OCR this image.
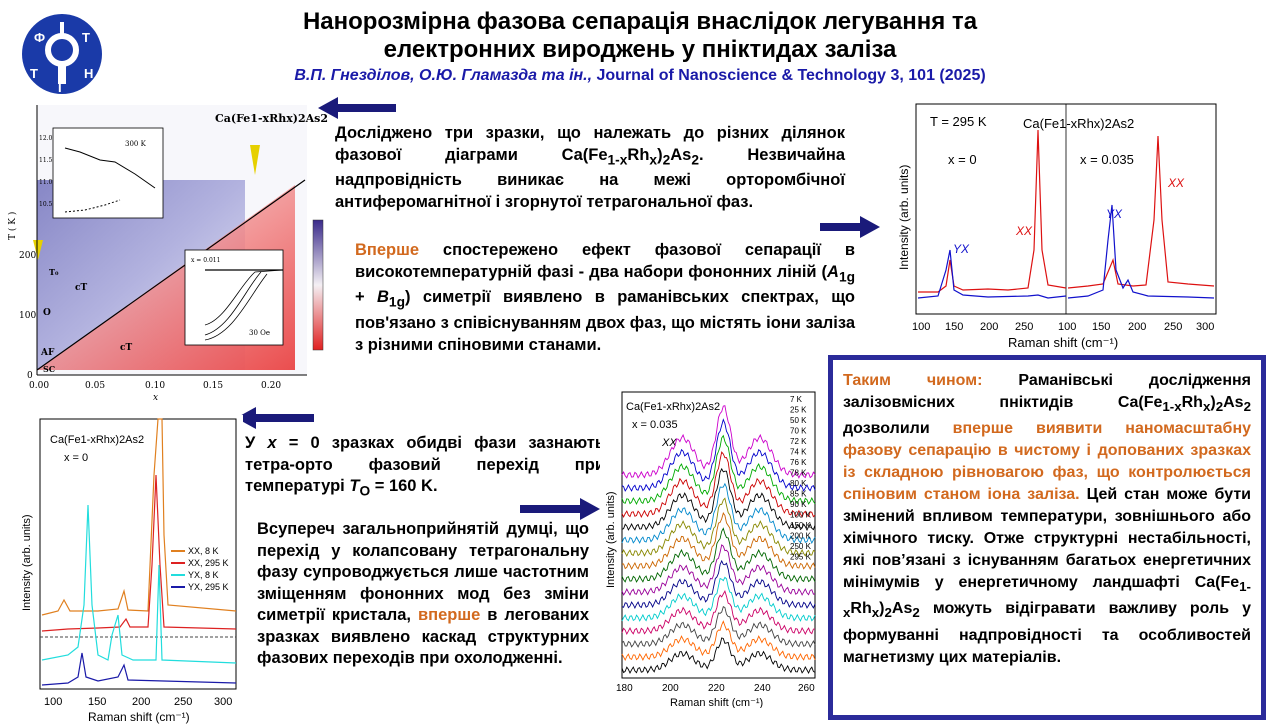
Ф	Т
І
Н
Т
Нанорозмірна фазова сепарація внаслідок легування та
електронних вироджень у пніктидах заліза
В.П. Гнезділов, О.Ю. Гламазда та ін., Journal of Nanoscience & Technology 3, 101 (2025)
Ca(Fe1-xRhx)2As2
300 K
12.0
11.5
11.0
10.5
x = 0.011
30 Oe
T₀
cT
O
AF	cT
SC
0.00	0.05	0.10	0.15	0.20
x
0
100
200
T ( K )
Досліджено три зразки, що належать до різних ділянок фазової діаграми $Ca(Fe_{1-x}Rh_x)_2As_2$. Незвичайна надпровідність виникає на межі орторомбічної антиферомагнітної і згорнутої тетрагональної фаз.
Вперше спостережено ефект фазової сепарації в високотемпературній фазі - два набори фононних ліній $(A_{1g} + B_{1g})$ симетрії виявлено в раманівських спектрах, що пов'язано з співіснуванням двох фаз, що містять іони заліза з різними спіновими станами.
T = 295 K	Ca(Fe1-xRhx)2As2
x = 0	x = 0.035
YX
XX
YX
XX
100 150 200 250 100 150 200 250 300
Raman shift (cm⁻¹)
Intensity (arb. units)
Ca(Fe1-xRhx)2As2
x = 0
XX, 8 K
XX, 295 K
YX, 8 K
YX, 295 K
100 150 200 250 300
Raman shift (cm⁻¹)
Intensity (arb. units)
У x = 0 зразках обидві фази зазнають тетра-орто фазовий перехід при температурі $T_O = 160$ K.
Всупереч загальноприйнятій думці, що перехід у колапсовану тетрагональну фазу супроводжується лише частотним зміщенням фононних мод без зміни симетрії кристала, вперше в легованих зразках виявлено каскад структурних фазових переходів при охолодженні.
Ca(Fe1-xRhx)2As2
x = 0.035
XX
7 K
25 K
50 K
70 K
72 K
74 K
76 K
78 K
80 K
85 K
90 K
100 K
150 K
200 K
250 K
295 K
180	200	220	240	260
Raman shift (cm⁻¹)
Intensity (arb. units)
Таким чином: Раманівські дослідження залізовмісних пніктидів $Ca(Fe_{1-x}Rh_x)_2As_2$ дозволили вперше виявити наномасштабну фазову сепарацію в чистому і допованих зразках із складною рівновагою фаз, що контролюється спіновим станом іона заліза. Цей стан може бути змінений впливом температури, зовнішнього або хімічного тиску. Отже структурні нестабільності, які пов’язані з існуванням багатьох енергетичних мінімумів у енергетичному ландшафті $Ca(Fe_{1-x}Rh_x)_2As_2$ можуть відігравати важливу роль у формуванні надпровідності та особливостей магнетизму цих матеріалів.
